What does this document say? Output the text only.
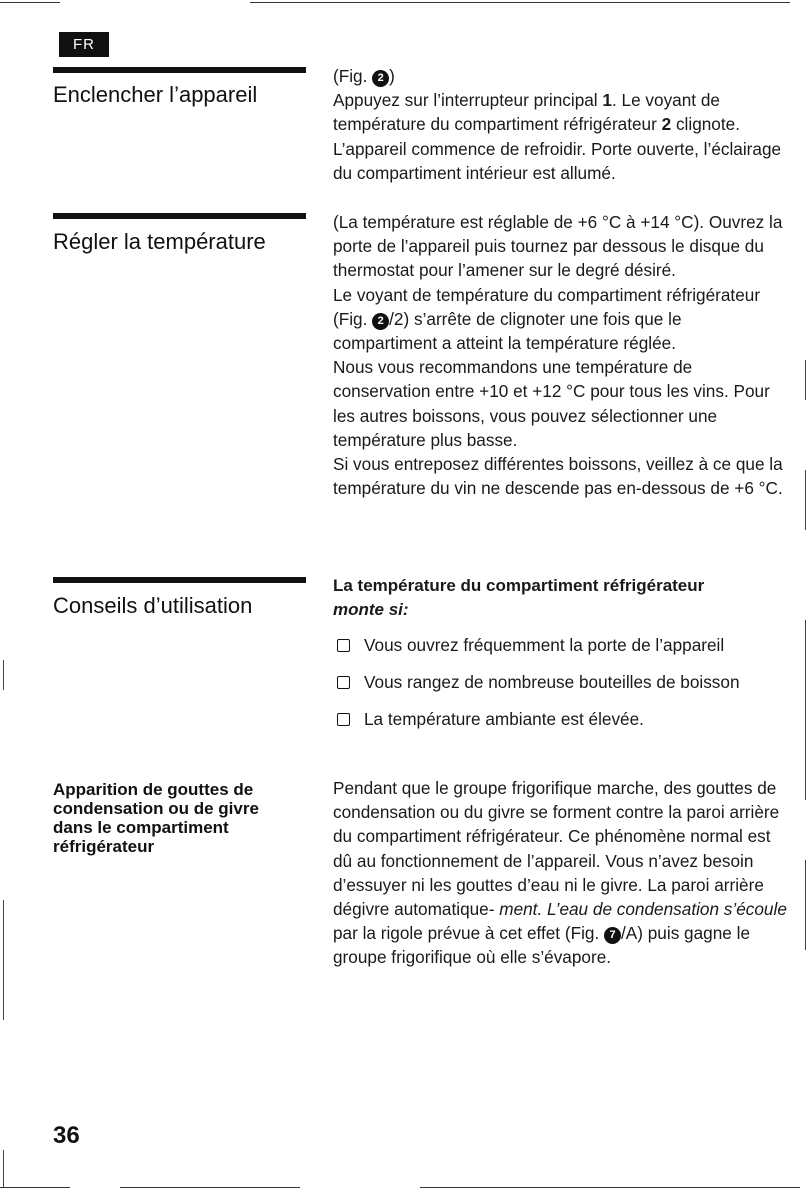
FR
Enclencher l’appareil

(Fig. 2 )
Appuyez sur l’interrupteur principal 1. Le voyant de température du compartiment réfrigérateur 2 clignote. L’appareil commence de refroidir. Porte ouverte, l’éclairage du compartiment intérieur est allumé.

Régler la température

(La température est réglable de +6 °C à +14 °C). Ouvrez la porte de l’appareil puis tournez par dessous le disque du thermostat pour l’amener sur le degré désiré.

Le voyant de température du compartiment réfrigérateur (Fig. 2 /2) s’arrête de clignoter une fois que le compartiment a atteint la température réglée.

Nous vous recommandons une température de conservation entre +10 et +12 °C pour tous les vins. Pour les autres boissons, vous pouvez sélectionner une température plus basse.

Si vous entreposez différentes boissons, veillez à ce que la température du vin ne descende pas en-dessous de +6 °C.

Conseils d’utilisation
La température du compartiment réfrigérateur
monte si:
Vous ouvrez fréquemment la porte de l’appareil
Vous rangez de nombreuse bouteilles de boisson
La température ambiante est élevée.
Apparition de gouttes de condensation ou de givre dans le compartiment réfrigérateur

Pendant que le groupe frigorifique marche, des gouttes de condensation ou du givre se forment contre la paroi arrière du compartiment réfrigérateur. Ce phénomène normal est dû au fonctionnement de l’appareil. Vous n’avez besoin d’essuyer ni les gouttes d’eau ni le givre. La paroi arrière dégivre automatique- ment. L’eau de condensation s’écoule par la rigole prévue à cet effet (Fig. 7 /A) puis gagne le groupe frigorifique où elle s’évapore.

36
